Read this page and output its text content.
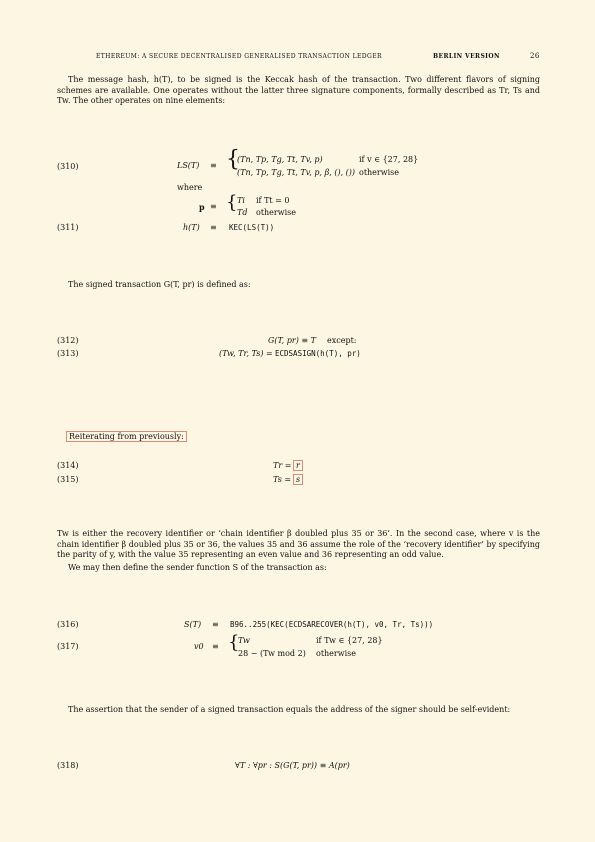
ETHEREUM: A SECURE DECENTRALISED GENERALISED TRANSACTION LEDGER	BERLIN VERSION	26
The message hash, h(T), to be signed is the Keccak hash of the transaction. Two different flavors of signing schemes are available. One operates without the latter three signature components, formally described as Tr, Ts and Tw. The other operates on nine elements:
(310)	LS(T) ≡ {
(Tn, Tp, Tg, Tt, Tv, p)	if v ∈ {27, 28}
(Tn, Tp, Tg, Tt, Tv, p, β, (), ()) otherwise
where
p ≡ { Ti if Tt = 0
Td otherwise
(311)	h(T) ≡ KEC(LS(T))
The signed transaction G(T, pr) is defined as:
(312)	G(T, pr) ≡ T except:
(313)	(Tw, Tr, Ts) = ECDSASIGN(h(T), pr)
Reiterating from previously:
(314)	Tr = r
(315)	Ts = s
Tw is either the recovery identifier or ‘chain identifier β doubled plus 35 or 36’. In the second case, where v is the chain identifier β doubled plus 35 or 36, the values 35 and 36 assume the role of the ‘recovery identifier’ by specifying the parity of y, with the value 35 representing an even value and 36 representing an odd value.
We may then define the sender function S of the transaction as:
(316)	S(T) ≡ B96..255(KEC(ECDSARECOVER(h(T), v0, Tr, Ts)))
(317)	v0 ≡ {
Tw	if Tw ∈ {27, 28}
28 − (Tw mod 2) otherwise
The assertion that the sender of a signed transaction equals the address of the signer should be self-evident:
(318)	∀T : ∀pr : S(G(T, pr)) ≡ A(pr)
